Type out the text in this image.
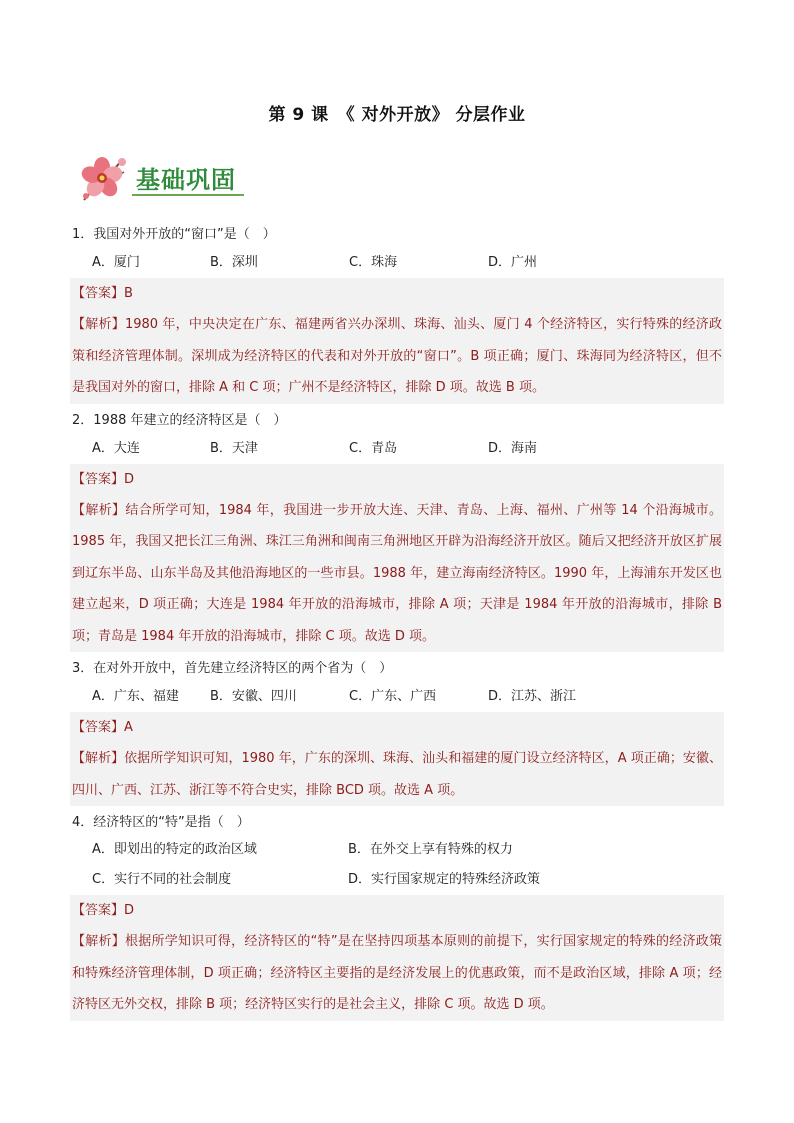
第 9 课　《 对外开放》 分层作业
基础巩固
1．我国对外开放的“窗口”是（　）
A．厦门	B．深圳	C．珠海	D．广州
【答案】B
【解析】1980 年，中央决定在广东、福建两省兴办深圳、珠海、汕头、厦门 4 个经济特区，实行特殊的经济政策和经济管理体制。深圳成为经济特区的代表和对外开放的“窗口”。B 项正确；厦门、珠海同为经济特区，但不是我国对外的窗口，排除 A 和 C 项；广州不是经济特区，排除 D 项。故选 B 项。
2．1988 年建立的经济特区是（　）
A．大连	B．天津	C．青岛	D．海南
【答案】D
【解析】结合所学可知，1984 年，我国进一步开放大连、天津、青岛、上海、福州、广州等 14 个沿海城市。1985 年，我国又把长江三角洲、珠江三角洲和闽南三角洲地区开辟为沿海经济开放区。随后又把经济开放区扩展到辽东半岛、山东半岛及其他沿海地区的一些市县。1988 年，建立海南经济特区。1990 年，上海浦东开发区也建立起来，D 项正确；大连是 1984 年开放的沿海城市，排除 A 项；天津是 1984 年开放的沿海城市，排除 B 项；青岛是 1984 年开放的沿海城市，排除 C 项。故选 D 项。
3．在对外开放中，首先建立经济特区的两个省为（　）
A．广东、福建 B．安徽、四川	C．广东、广西	D．江苏、浙江
【答案】A
【解析】依据所学知识可知，1980 年，广东的深圳、珠海、汕头和福建的厦门设立经济特区，A 项正确；安徽、四川、广西、江苏、浙江等不符合史实，排除 BCD 项。故选 A 项。
4．经济特区的“特”是指（　）
A．即划出的特定的政治区域	B．在外交上享有特殊的权力
C．实行不同的社会制度	D．实行国家规定的特殊经济政策
【答案】D
【解析】根据所学知识可得，经济特区的“特”是在坚持四项基本原则的前提下，实行国家规定的特殊的经济政策和特殊经济管理体制，D 项正确；经济特区主要指的是经济发展上的优惠政策，而不是政治区域，排除 A 项；经济特区无外交权，排除 B 项；经济特区实行的是社会主义，排除 C 项。故选 D 项。
